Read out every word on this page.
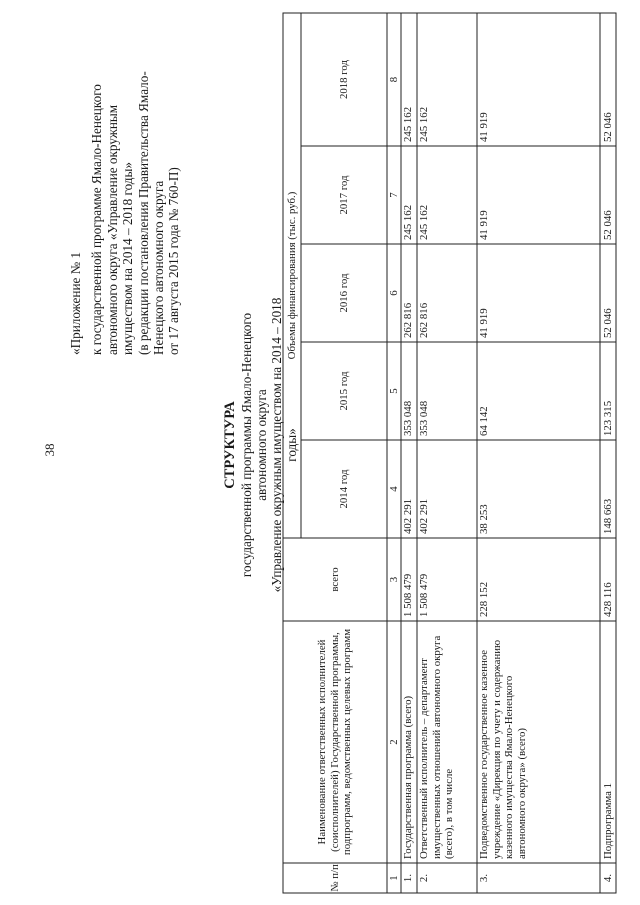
38
«Приложение № 1 к государственной программе Ямало-Ненецкого автономного округа «Управление окружным имуществом на 2014 – 2018 годы» (в редакции постановления Правительства Ямало- Ненецкого автономного округа от 17 августа 2015 года № 760-П)
СТРУКТУРА государственной программы Ямало-Ненецкого автономного округа «Управление окружным имуществом на 2014 – 2018 годы»
№ п/п
Наименование ответственных исполнителей (соисполнителей) Государственной программы, подпрограмм, ведомственных целевых программ
всего
Объемы финансирования (тыс. руб.)
2014 год
2015 год
2016 год
2017 год
2018 год
1
2
3
4
5
6
7
8
1.
Государственная программа (всего)
1 508 479
402 291
353 048
262 816
245 162
245 162
2.
Ответственный исполнитель – департамент имущественных отношений автономного округа (всего), в том числе
1 508 479
402 291
353 048
262 816
245 162
245 162
3.
Подведомственное государственное казенное учреждение «Дирекция по учету и содержанию казенного имущества Ямало-Ненецкого автономного округа» (всего)
228 152
38 253
64 142
41 919
41 919
41 919
4.
Подпрограмма 1
428 116
148 663
123 315
52 046
52 046
52 046
